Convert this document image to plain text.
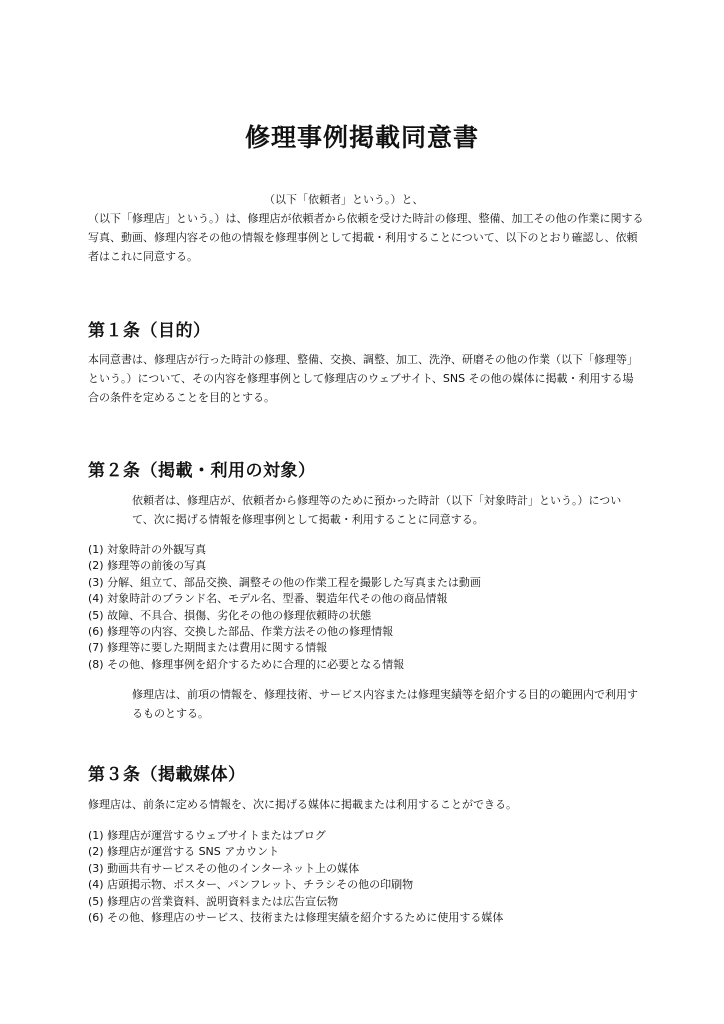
修理事例掲載同意書
（以下「依頼者」という。）と、
（以下「修理店」という。）は、修理店が依頼者から依頼を受けた時計の修理、整備、加工その他の作業に関する写真、動画、修理内容その他の情報を修理事例として掲載・利用することについて、以下のとおり確認し、依頼者はこれに同意する。
第１条（目的）
本同意書は、修理店が行った時計の修理、整備、交換、調整、加工、洗浄、研磨その他の作業（以下「修理等」という。）について、その内容を修理事例として修理店のウェブサイト、SNS その他の媒体に掲載・利用する場合の条件を定めることを目的とする。
第２条（掲載・利用の対象）
依頼者は、修理店が、依頼者から修理等のために預かった時計（以下「対象時計」という。）について、次に掲げる情報を修理事例として掲載・利用することに同意する。
(1) 対象時計の外観写真
(2) 修理等の前後の写真
(3) 分解、組立て、部品交換、調整その他の作業工程を撮影した写真または動画
(4) 対象時計のブランド名、モデル名、型番、製造年代その他の商品情報
(5) 故障、不具合、損傷、劣化その他の修理依頼時の状態
(6) 修理等の内容、交換した部品、作業方法その他の修理情報
(7) 修理等に要した期間または費用に関する情報
(8) その他、修理事例を紹介するために合理的に必要となる情報
修理店は、前項の情報を、修理技術、サービス内容または修理実績等を紹介する目的の範囲内で利用するものとする。
第３条（掲載媒体）
修理店は、前条に定める情報を、次に掲げる媒体に掲載または利用することができる。
(1) 修理店が運営するウェブサイトまたはブログ
(2) 修理店が運営する SNS アカウント
(3) 動画共有サービスその他のインターネット上の媒体
(4) 店頭掲示物、ポスター、パンフレット、チラシその他の印刷物
(5) 修理店の営業資料、説明資料または広告宣伝物
(6) その他、修理店のサービス、技術または修理実績を紹介するために使用する媒体
